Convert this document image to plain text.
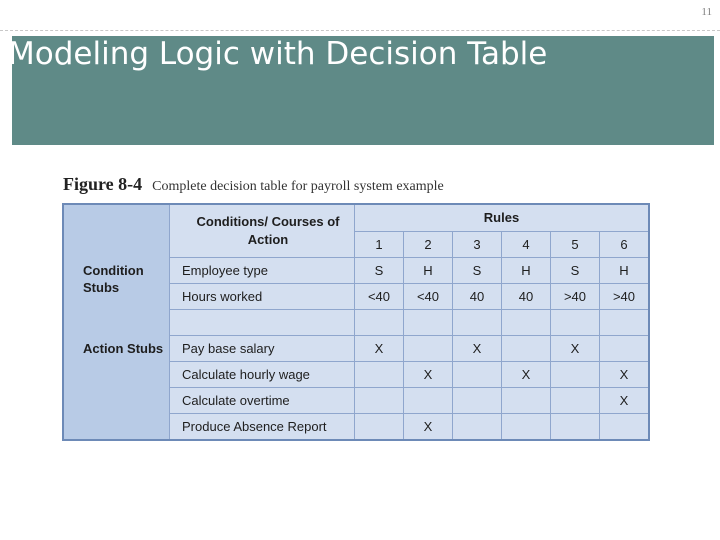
11
Modeling Logic with Decision Table
Figure 8-4 Complete decision table for payroll system example
	Conditions/ Courses of Action	Rules					
		1	2	3	4	5	6
Condition Stubs	Employee type	S	H	S	H	S	H
	Hours worked	<40	<40	40	40	>40	>40

Action Stubs	Pay base salary	X		X		X	
	Calculate hourly wage		X		X		X
	Calculate overtime						X
	Produce Absence Report		X				
